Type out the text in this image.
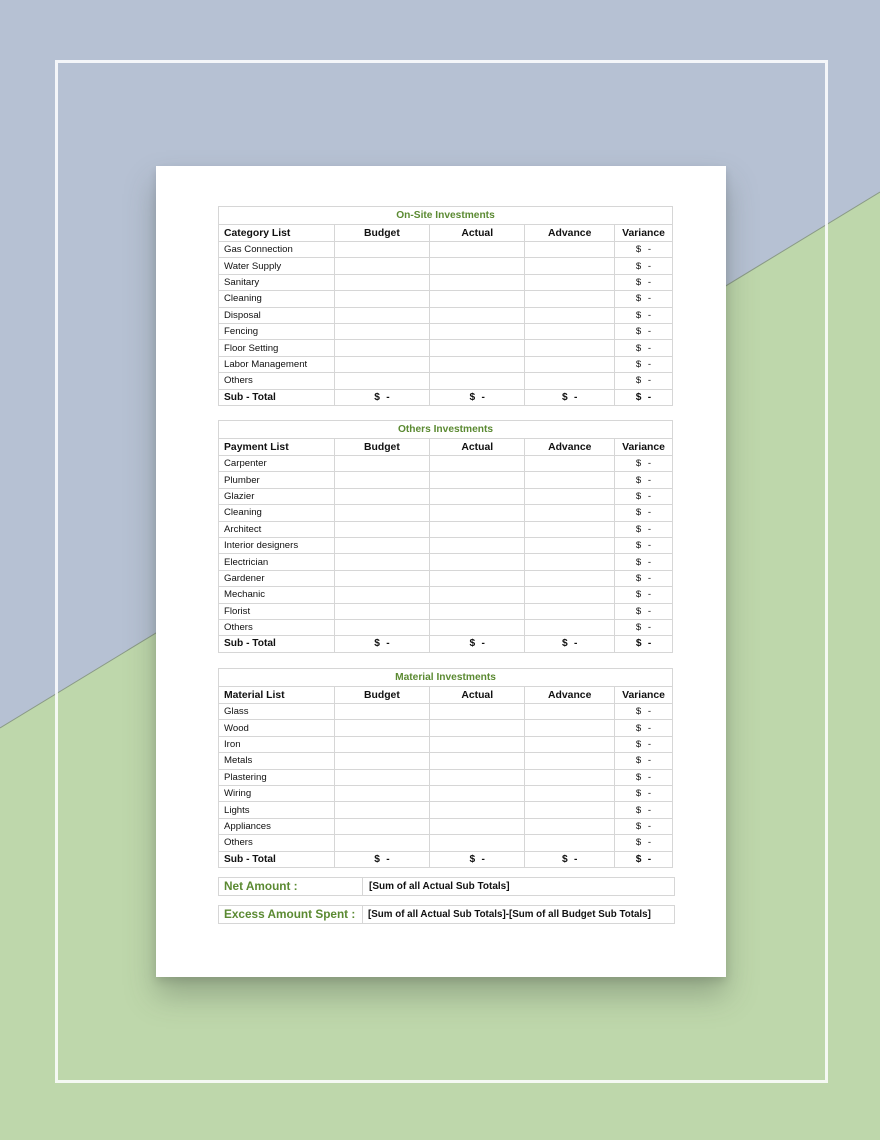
On-Site Investments				
Category List	Budget	Actual	Advance	Variance
Gas Connection				$ -
Water Supply				$ -
Sanitary				$ -
Cleaning				$ -
Disposal				$ -
Fencing				$ -
Floor Setting				$ -
Labor Management				$ -
Others				$ -
Sub - Total	$ -	$ -	$ -	$ -
Others Investments				
Payment List	Budget	Actual	Advance	Variance
Carpenter				$ -
Plumber				$ -
Glazier				$ -
Cleaning				$ -
Architect				$ -
Interior designers				$ -
Electrician				$ -
Gardener				$ -
Mechanic				$ -
Florist				$ -
Others				$ -
Sub - Total	$ -	$ -	$ -	$ -
Material Investments				
Material List	Budget	Actual	Advance	Variance
Glass				$ -
Wood				$ -
Iron				$ -
Metals				$ -
Plastering				$ -
Wiring				$ -
Lights				$ -
Appliances				$ -
Others				$ -
Sub - Total	$ -	$ -	$ -	$ -
Net Amount :	[Sum of all Actual Sub Totals]
Excess Amount Spent :	[Sum of all Actual Sub Totals]-[Sum of all Budget Sub Totals]
